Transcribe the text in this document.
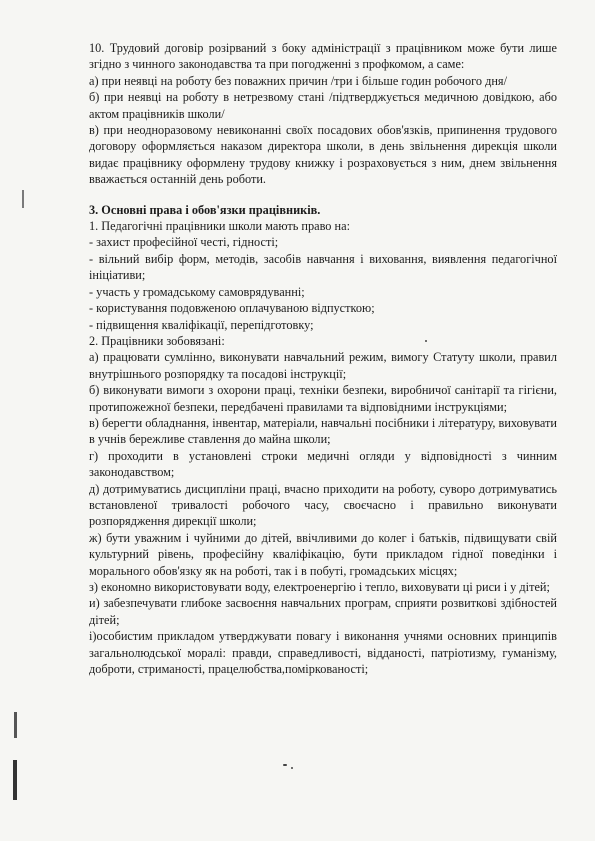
10. Трудовий договір розірваний з боку адміністрації з працівником може бути лише згідно з чинного законодавства та при погодженні з профкомом, а саме:

а) при неявці на роботу без поважних причин /три і більше годин робочого дня/

б) при неявці на роботу в нетрезвому стані /підтверджується медичною довідкою, або актом працівників школи/

в) при неодноразовому невиконанні своїх посадових обов'язків, припинення трудового договору оформляється наказом директора школи, в день звільнення дирекція школи видає працівнику оформлену трудову книжку і розраховується з ним, днем звільнення вважається останній день роботи.

3. Основні права і обов'язки працівників.

1. Педагогічні працівники школи мають право на:

- захист професійної честі, гідності;

- вільний вибір форм, методів, засобів навчання і виховання, виявлення педагогічної ініціативи;

- участь у громадському самоврядуванні;

- користування подовженою оплачуваною відпусткою;

- підвищення кваліфікації, перепідготовку;

2. Працівники зобовязані:

а) працювати сумлінно, виконувати навчальний режим, вимогу Статуту школи, правил внутрішнього розпорядку та посадові інструкції;

б) виконувати вимоги з охорони праці, техніки безпеки, виробничої санітарії та гігієни, протипожежної безпеки, передбачені правилами та відповідними інструкціями;

в) берегти обладнання, інвентар, матеріали, навчальні посібники і літературу, виховувати в учнів бережливе ставлення до майна школи;

г) проходити в установлені строки медичні огляди у відповідності з чинним законодавством;

д) дотримуватись дисципліни праці, вчасно приходити на роботу, суворо дотримуватись встановленої тривалості робочого часу, своєчасно і правильно виконувати розпорядження дирекції школи;

ж) бути уважним і чуйними до дітей, ввічливими до колег і батьків, підвищувати свій культурний рівень, професійну кваліфікацію, бути прикладом гідної поведінки і морального обов'язку як на роботі, так і в побуті, громадських місцях;

з) економно використовувати воду, електроенергію і тепло, виховувати ці риси і у дітей;

и) забезпечувати глибоке засвоєння навчальних програм, сприяти розвиткові здібностей дітей;

і)особистим прикладом утверджувати повагу і виконання учнями основних принципів загальнолюдської моралі: правди, справедливості, відданості, патріотизму, гуманізму, доброти, стриманості, працелюбства,поміркованості;
